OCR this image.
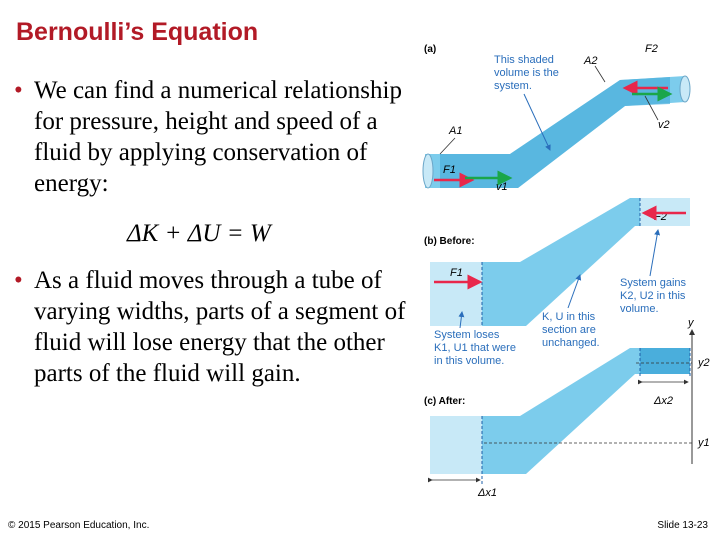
Bernoulli’s Equation
• We can find a numerical relationship for pressure, height and speed of a fluid by applying conservation of energy:
ΔK + ΔU = W
• As a fluid moves through a tube of varying widths, parts of a segment of fluid will lose energy that the other parts of the fluid will gain.
© 2015 Pearson Education, Inc.	Slide 13-23
(a)
This shaded
volume is the
system.
A1
A2
F1
v1
F2
v2
(b) Before:
F1
F2
System loses
K1, U1 that were
in this volume.
K, U in this
section are
unchanged.
System gains
K2, U2 in this
volume.
(c) After:	Δx2
Δx1
y
y2
y1
